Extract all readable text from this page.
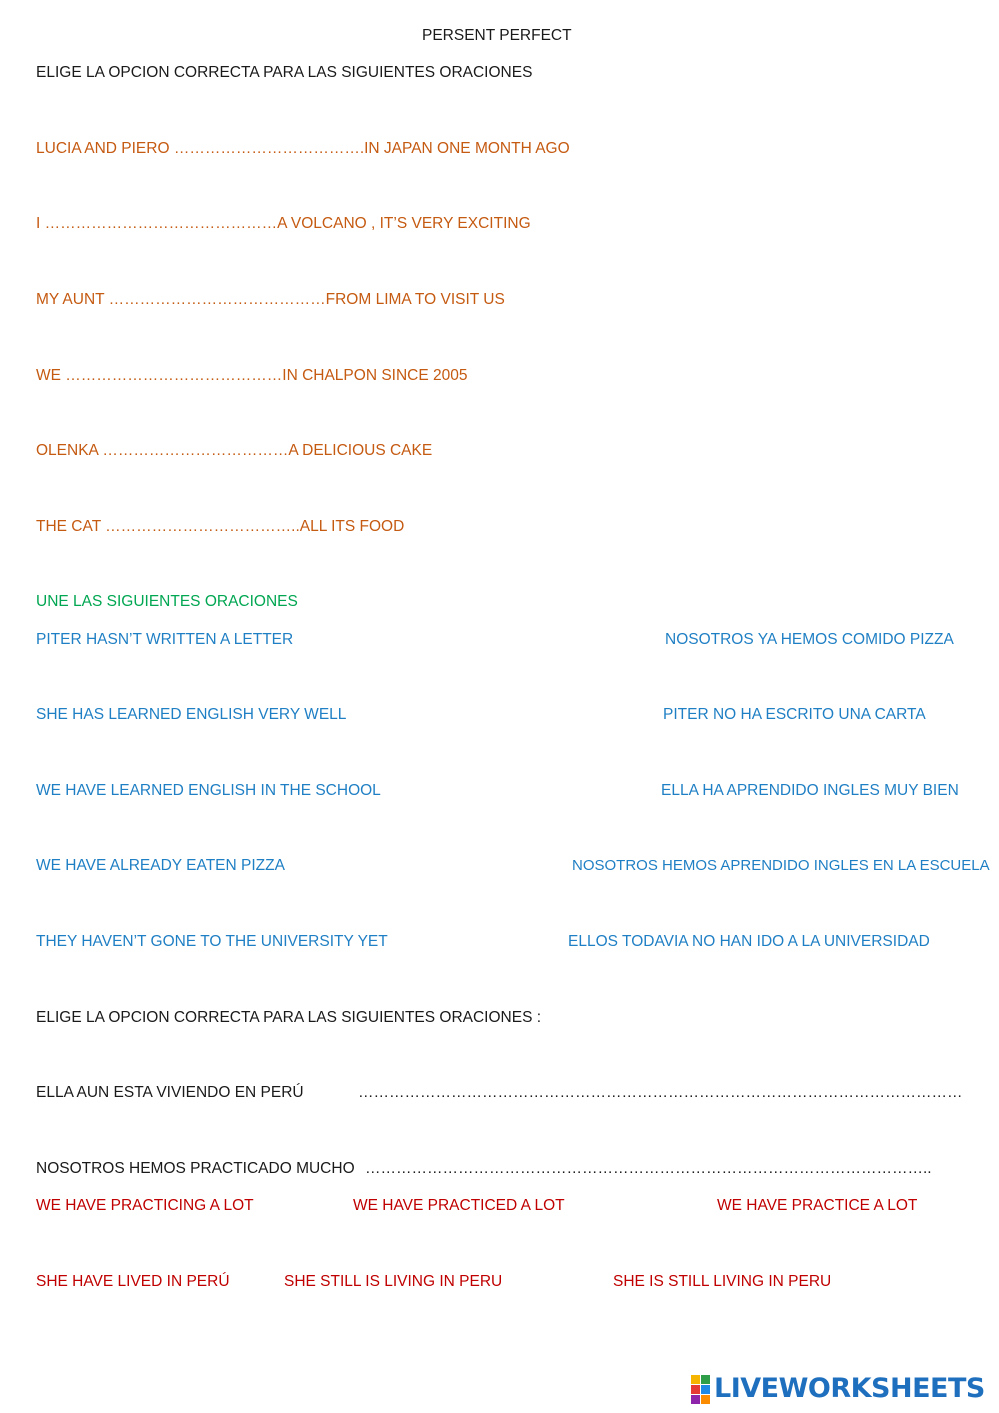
PERSENT PERFECT
ELIGE LA OPCION CORRECTA PARA LAS SIGUIENTES ORACIONES
LUCIA AND PIERO ……………………………….IN JAPAN ONE MONTH AGO
I ………………………………………A VOLCANO , IT’S VERY EXCITING
MY AUNT ……………………………………FROM LIMA TO VISIT US
WE ……………………………………IN CHALPON SINCE 2005
OLENKA ………………………………A DELICIOUS CAKE
THE CAT ………………………………..ALL ITS FOOD
UNE LAS SIGUIENTES ORACIONES
PITER HASN’T WRITTEN A LETTER	NOSOTROS YA HEMOS COMIDO PIZZA
SHE HAS LEARNED ENGLISH VERY WELL	PITER NO HA ESCRITO UNA CARTA
WE HAVE LEARNED ENGLISH IN THE SCHOOL	ELLA HA APRENDIDO INGLES MUY BIEN
WE HAVE ALREADY EATEN PIZZA	NOSOTROS HEMOS APRENDIDO INGLES EN LA ESCUELA
THEY HAVEN’T GONE TO THE UNIVERSITY YET	ELLOS TODAVIA NO HAN IDO A LA UNIVERSIDAD
ELIGE LA OPCION CORRECTA PARA LAS SIGUIENTES ORACIONES :
ELLA AUN ESTA VIVIENDO EN PERÚ	………………………………………………………………………………………………………
NOSOTROS HEMOS PRACTICADO MUCHO ………………………………………………………………………………………………..
WE HAVE PRACTICING A LOT	WE HAVE PRACTICED A LOT	WE HAVE PRACTICE A LOT
SHE HAVE LIVED IN PERÚ	SHE STILL IS LIVING IN PERU	SHE IS STILL LIVING IN PERU
LIVEWORKSHEETS
